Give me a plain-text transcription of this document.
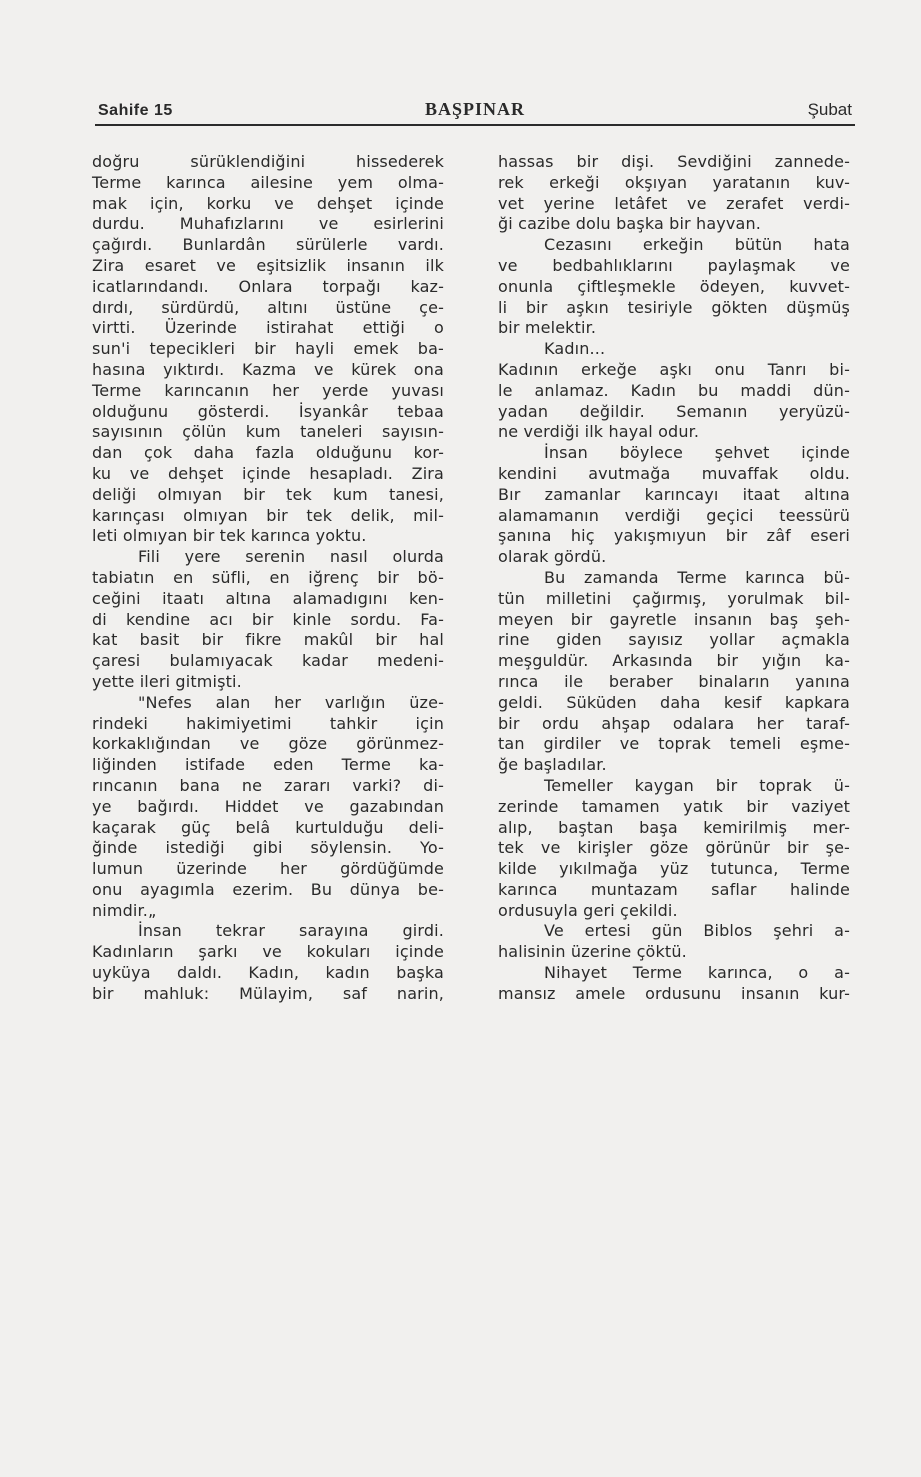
Sahife 15	BAŞPINAR	Şubat

doğru sürüklendiğini hissederek

Terme karınca ailesine yem olma-

mak için, korku ve dehşet içinde

durdu. Muhafızlarını ve esirlerini

çağırdı. Bunlardân sürülerle vardı.

Zira esaret ve eşitsizlik insanın ilk

icatlarındandı. Onlara torpağı kaz-

dırdı, sürdürdü, altını üstüne çe-

virtti. Üzerinde istirahat ettiği o

sun'i tepecikleri bir hayli emek ba-

hasına yıktırdı. Kazma ve kürek ona

Terme karıncanın her yerde yuvası

olduğunu gösterdi. İsyankâr tebaa

sayısının çölün kum taneleri sayısın-

dan çok daha fazla olduğunu kor-

ku ve dehşet içinde hesapladı. Zira

deliği olmıyan bir tek kum tanesi,

karınçası olmıyan bir tek delik, mil-

leti olmıyan bir tek karınca yoktu.

Fili yere serenin nasıl olurda

tabiatın en süfli, en iğrenç bir bö-

ceğini itaatı altına alamadıgını ken-

di kendine acı bir kinle sordu. Fa-

kat basit bir fikre makûl bir hal

çaresi bulamıyacak kadar medeni-

yette ileri gitmişti.

"Nefes alan her varlığın üze-

rindeki hakimiyetimi tahkir için

korkaklığından ve göze görünmez-

liğinden istifade eden Terme ka-

rıncanın bana ne zararı varki? di-

ye bağırdı. Hiddet ve gazabından

kaçarak güç belâ kurtulduğu deli-

ğinde istediği gibi söylensin. Yo-

lumun üzerinde her gördüğümde

onu ayagımla ezerim. Bu dünya be-

nimdir.„

İnsan tekrar sarayına girdi.

Kadınların şarkı ve kokuları içinde

uyküya daldı. Kadın, kadın başka

bir mahluk: Mülayim, saf narin,

hassas bir dişi. Sevdiğini zannede-

rek erkeği okşıyan yaratanın kuv-

vet yerine letâfet ve zerafet verdi-

ği cazibe dolu başka bir hayvan.

Cezasını erkeğin bütün hata

ve bedbahlıklarını paylaşmak ve

onunla çiftleşmekle ödeyen, kuvvet-

li bir aşkın tesiriyle gökten düşmüş

bir melektir.

Kadın...

Kadının erkeğe aşkı onu Tanrı bi-

le anlamaz. Kadın bu maddi dün-

yadan değildir. Semanın yeryüzü-

ne verdiği ilk hayal odur.

İnsan böylece şehvet içinde

kendini avutmağa muvaffak oldu.

Bır zamanlar karıncayı itaat altına

alamamanın verdiği geçici teessürü

şanına hiç yakışmıyun bir zâf eseri

olarak gördü.

Bu zamanda Terme karınca bü-

tün milletini çağırmış, yorulmak bil-

meyen bir gayretle insanın baş şeh-

rine giden sayısız yollar açmakla

meşguldür. Arkasında bir yığın ka-

rınca ile beraber binaların yanına

geldi. Süküden daha kesif kapkara

bir ordu ahşap odalara her taraf-

tan girdiler ve toprak temeli eşme-

ğe başladılar.

Temeller kaygan bir toprak ü-

zerinde tamamen yatık bir vaziyet

alıp, baştan başa kemirilmiş mer-

tek ve kirişler göze görünür bir şe-

kilde yıkılmağa yüz tutunca, Terme

karınca muntazam saflar halinde

ordusuyla geri çekildi.

Ve ertesi gün Biblos şehri a-

halisinin üzerine çöktü.

Nihayet Terme karınca, o a-

mansız amele ordusunu insanın kur-
